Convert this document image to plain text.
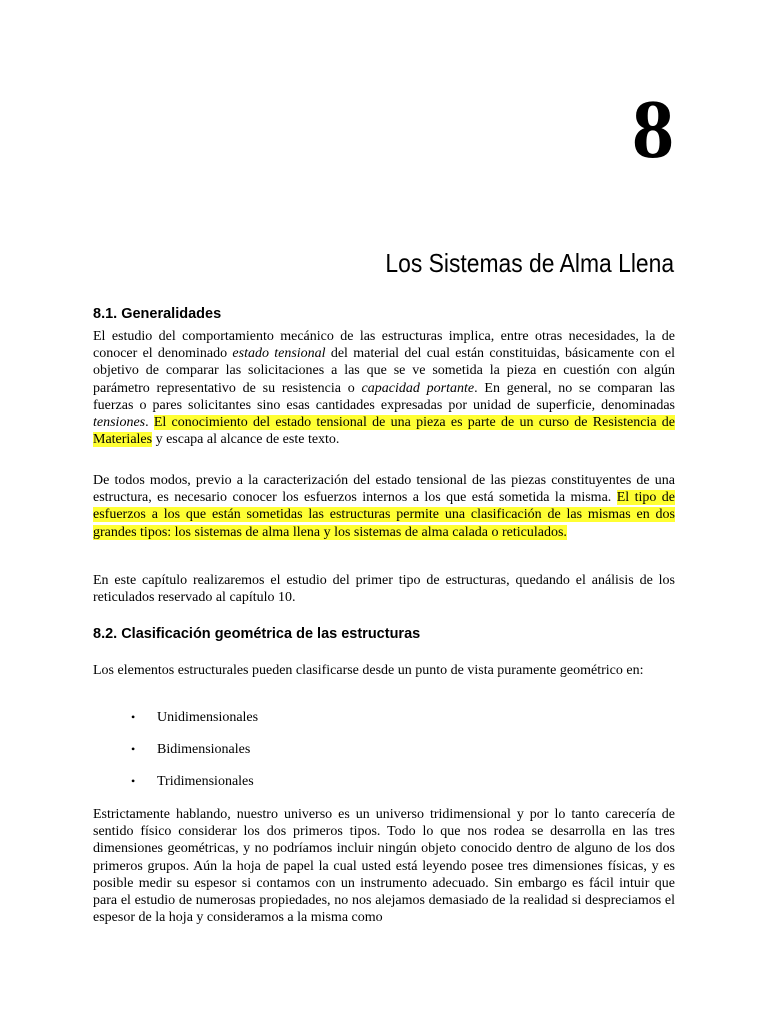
8
Los Sistemas de Alma Llena
8.1. Generalidades

El estudio del comportamiento mecánico de las estructuras implica, entre otras necesidades, la de conocer el denominado estado tensional del material del cual están constituidas, básicamente con el objetivo de comparar las solicitaciones a las que se ve sometida la pieza en cuestión con algún parámetro representativo de su resistencia o capacidad portante. En general, no se comparan las fuerzas o pares solicitantes sino esas cantidades expresadas por unidad de superficie, denominadas tensiones. El conocimiento del estado tensional de una pieza es parte de un curso de Resistencia de Materiales y escapa al alcance de este texto.

De todos modos, previo a la caracterización del estado tensional de las piezas constituyentes de una estructura, es necesario conocer los esfuerzos internos a los que está sometida la misma. El tipo de esfuerzos a los que están sometidas las estructuras permite una clasificación de las mismas en dos grandes tipos: los sistemas de alma llena y los sistemas de alma calada o reticulados.

En este capítulo realizaremos el estudio del primer tipo de estructuras, quedando el análisis de los reticulados reservado al capítulo 10.

8.2. Clasificación geométrica de las estructuras

Los elementos estructurales pueden clasificarse desde un punto de vista puramente geométrico en:

• Unidimensionales
• Bidimensionales
• Tridimensionales

Estrictamente hablando, nuestro universo es un universo tridimensional y por lo tanto carecería de sentido físico considerar los dos primeros tipos. Todo lo que nos rodea se desarrolla en las tres dimensiones geométricas, y no podríamos incluir ningún objeto conocido dentro de alguno de los dos primeros grupos. Aún la hoja de papel la cual usted está leyendo posee tres dimensiones físicas, y es posible medir su espesor si contamos con un instrumento adecuado. Sin embargo es fácil intuir que para el estudio de numerosas propiedades, no nos alejamos demasiado de la realidad si despreciamos el espesor de la hoja y consideramos a la misma como
